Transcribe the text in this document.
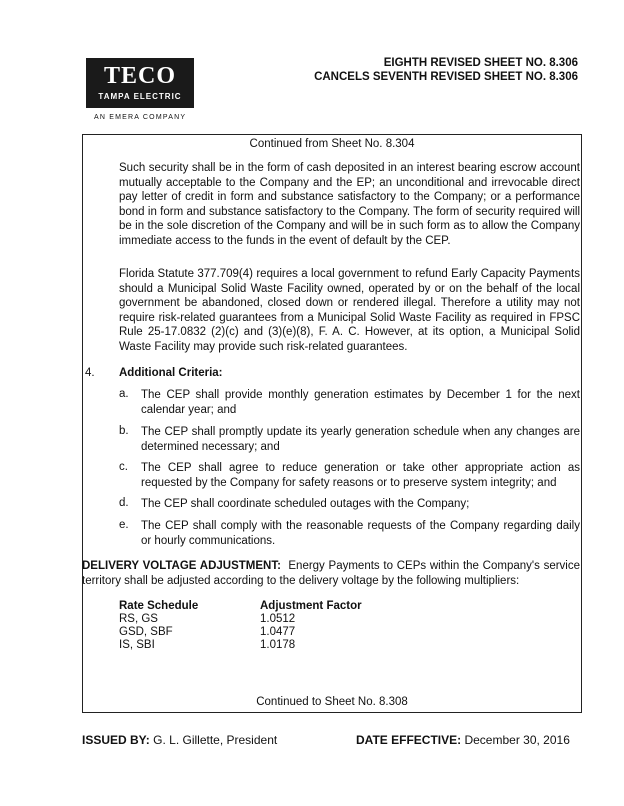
TECO
TAMPA ELECTRIC
AN EMERA COMPANY
EIGHTH REVISED SHEET NO. 8.306
CANCELS SEVENTH REVISED SHEET NO. 8.306
Continued from Sheet No. 8.304
Continued to Sheet No. 8.308
Such security shall be in the form of cash deposited in an interest bearing escrow account mutually acceptable to the Company and the EP; an unconditional and irrevocable direct pay letter of credit in form and substance satisfactory to the Company; or a performance bond in form and substance satisfactory to the Company. The form of security required will be in the sole discretion of the Company and will be in such form as to allow the Company immediate access to the funds in the event of default by the CEP.
Florida Statute 377.709(4) requires a local government to refund Early Capacity Payments should a Municipal Solid Waste Facility owned, operated by or on the behalf of the local government be abandoned, closed down or rendered illegal. Therefore a utility may not require risk-related guarantees from a Municipal Solid Waste Facility as required in FPSC Rule 25-17.0832 (2)(c) and (3)(e)(8), F. A. C. However, at its option, a Municipal Solid Waste Facility may provide such risk-related guarantees.
4. Additional Criteria:
a. The CEP shall provide monthly generation estimates by December 1 for the next calendar year; and
b. The CEP shall promptly update its yearly generation schedule when any changes are determined necessary; and
c. The CEP shall agree to reduce generation or take other appropriate action as requested by the Company for safety reasons or to preserve system integrity; and
d. The CEP shall coordinate scheduled outages with the Company;
e. The CEP shall comply with the reasonable requests of the Company regarding daily or hourly communications.
DELIVERY VOLTAGE ADJUSTMENT: Energy Payments to CEPs within the Company's service territory shall be adjusted according to the delivery voltage by the following multipliers:
Rate Schedule
RS, GS
GSD, SBF
IS, SBI
Adjustment Factor
1.0512
1.0477
1.0178
ISSUED BY: G. L. Gillette, President	DATE EFFECTIVE: December 30, 2016
